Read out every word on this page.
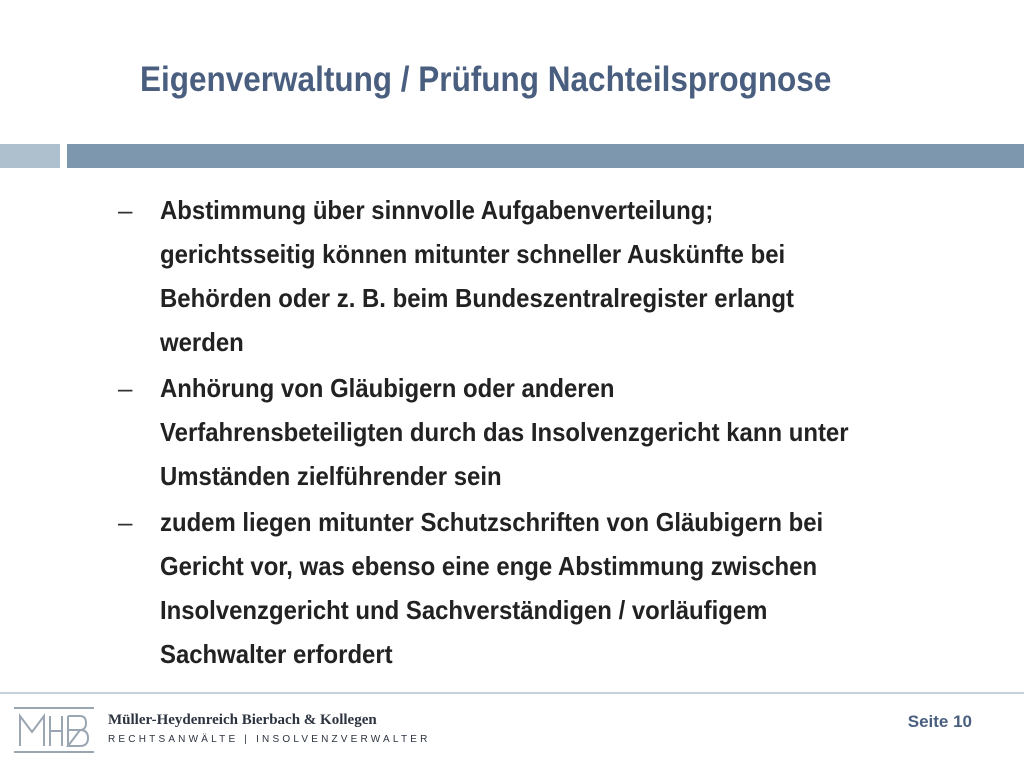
Eigenverwaltung / Prüfung Nachteilsprognose
–	Abstimmung über sinnvolle Aufgabenverteilung;
gerichtsseitig können mitunter schneller Auskünfte bei
Behörden oder z. B. beim Bundeszentralregister erlangt
werden
–	Anhörung von Gläubigern oder anderen
Verfahrensbeteiligten durch das Insolvenzgericht kann unter
Umständen zielführender sein
–	zudem liegen mitunter Schutzschriften von Gläubigern bei
Gericht vor, was ebenso eine enge Abstimmung zwischen
Insolvenzgericht und Sachverständigen / vorläufigem
Sachwalter erfordert
Müller-Heydenreich Bierbach & Kollegen
RECHTSANWÄLTE | INSOLVENZVERWALTER
Seite 10
